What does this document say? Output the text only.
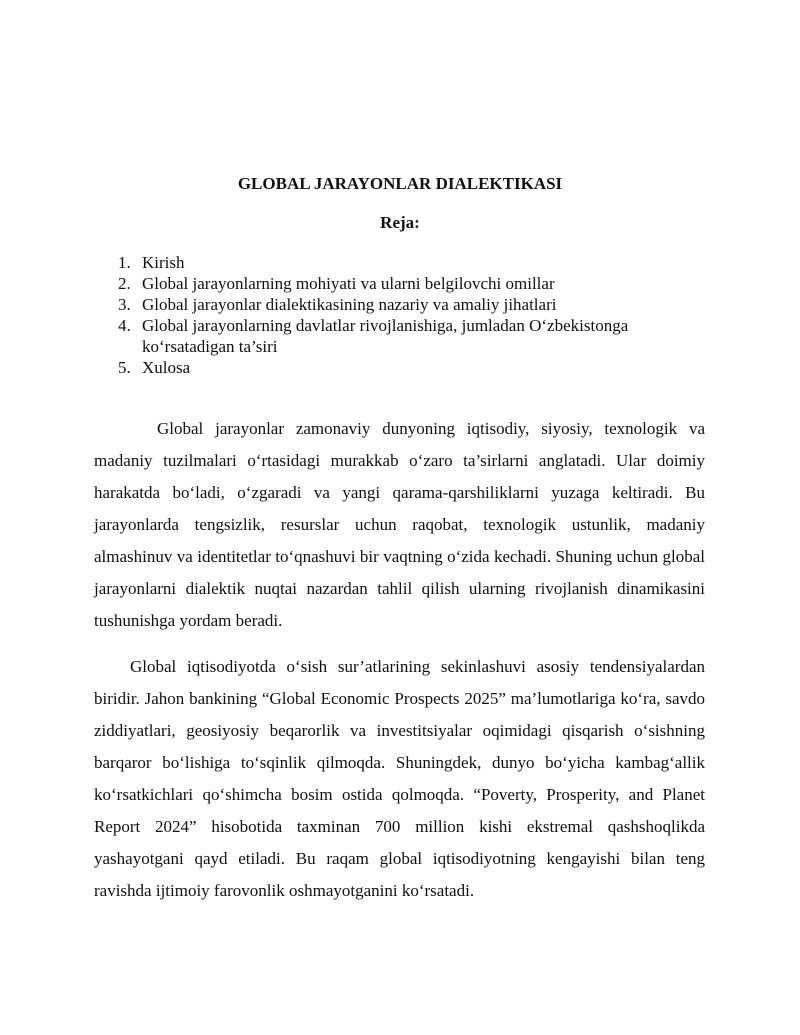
GLOBAL JARAYONLAR DIALEKTIKASI
Reja:
1. Kirish
2. Global jarayonlarning mohiyati va ularni belgilovchi omillar
3. Global jarayonlar dialektikasining nazariy va amaliy jihatlari
4. Global jarayonlarning davlatlar rivojlanishiga, jumladan O‘zbekistonga ko‘rsatadigan ta’siri
5. Xulosa

Global jarayonlar zamonaviy dunyoning iqtisodiy, siyosiy, texnologik va madaniy tuzilmalari o‘rtasidagi murakkab o‘zaro ta’sirlarni anglatadi. Ular doimiy harakatda bo‘ladi, o‘zgaradi va yangi qarama-qarshiliklarni yuzaga keltiradi. Bu jarayonlarda tengsizlik, resurslar uchun raqobat, texnologik ustunlik, madaniy almashinuv va identitetlar to‘qnashuvi bir vaqtning o‘zida kechadi. Shuning uchun global jarayonlarni dialektik nuqtai nazardan tahlil qilish ularning rivojlanish dinamikasini tushunishga yordam beradi.

Global iqtisodiyotda o‘sish sur’atlarining sekinlashuvi asosiy tendensiyalardan biridir. Jahon bankining “Global Economic Prospects 2025” ma’lumotlariga ko‘ra, savdo ziddiyatlari, geosiyosiy beqarorlik va investitsiyalar oqimidagi qisqarish o‘sishning barqaror bo‘lishiga to‘sqinlik qilmoqda. Shuningdek, dunyo bo‘yicha kambag‘allik ko‘rsatkichlari qo‘shimcha bosim ostida qolmoqda. “Poverty, Prosperity, and Planet Report 2024” hisobotida taxminan 700 million kishi ekstremal qashshoqlikda yashayotgani qayd etiladi. Bu raqam global iqtisodiyotning kengayishi bilan teng ravishda ijtimoiy farovonlik oshmayotganini ko‘rsatadi.
